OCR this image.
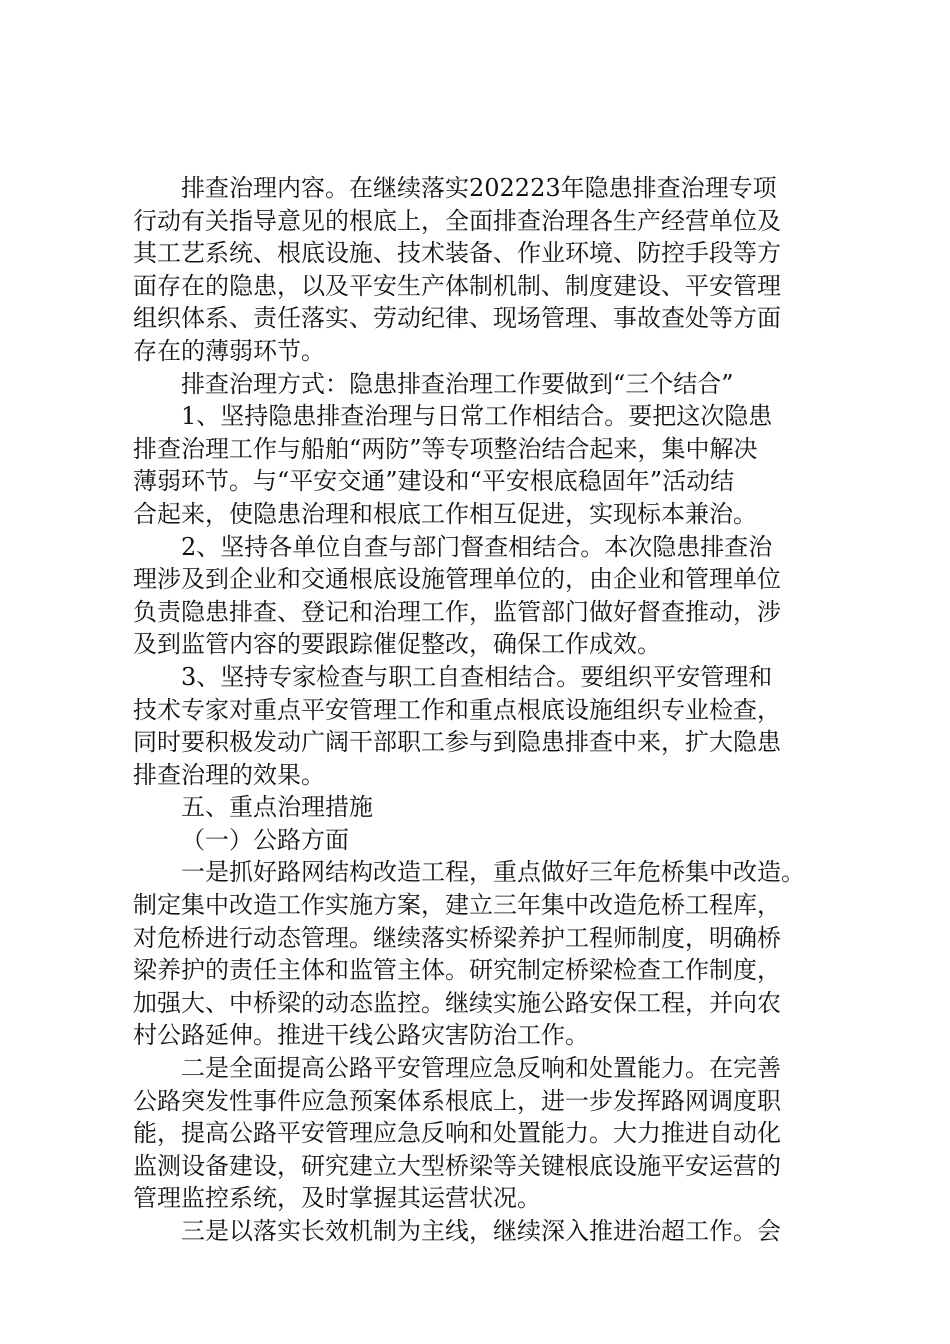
排查治理内容。在继续落实202223年隐患排查治理专项
行动有关指导意见的根底上，全面排查治理各生产经营单位及
其工艺系统、根底设施、技术装备、作业环境、防控手段等方
面存在的隐患，以及平安生产体制机制、制度建设、平安管理
组织体系、责任落实、劳动纪律、现场管理、事故查处等方面
存在的薄弱环节。
排查治理方式：隐患排查治理工作要做到“三个结合”
1、坚持隐患排查治理与日常工作相结合。要把这次隐患
排查治理工作与船舶“两防”等专项整治结合起来，集中解决
薄弱环节。与“平安交通”建设和“平安根底稳固年”活动结
合起来，使隐患治理和根底工作相互促进，实现标本兼治。
2、坚持各单位自查与部门督查相结合。本次隐患排查治
理涉及到企业和交通根底设施管理单位的，由企业和管理单位
负责隐患排查、登记和治理工作，监管部门做好督查推动，涉
及到监管内容的要跟踪催促整改，确保工作成效。
3、坚持专家检查与职工自查相结合。要组织平安管理和
技术专家对重点平安管理工作和重点根底设施组织专业检查，
同时要积极发动广阔干部职工参与到隐患排查中来，扩大隐患
排查治理的效果。
五、重点治理措施
（一）公路方面
一是抓好路网结构改造工程，重点做好三年危桥集中改造。
制定集中改造工作实施方案，建立三年集中改造危桥工程库，
对危桥进行动态管理。继续落实桥梁养护工程师制度，明确桥
梁养护的责任主体和监管主体。研究制定桥梁检查工作制度，
加强大、中桥梁的动态监控。继续实施公路安保工程，并向农
村公路延伸。推进干线公路灾害防治工作。
二是全面提高公路平安管理应急反响和处置能力。在完善
公路突发性事件应急预案体系根底上，进一步发挥路网调度职
能，提高公路平安管理应急反响和处置能力。大力推进自动化
监测设备建设，研究建立大型桥梁等关键根底设施平安运营的
管理监控系统，及时掌握其运营状况。
三是以落实长效机制为主线，继续深入推进治超工作。会
